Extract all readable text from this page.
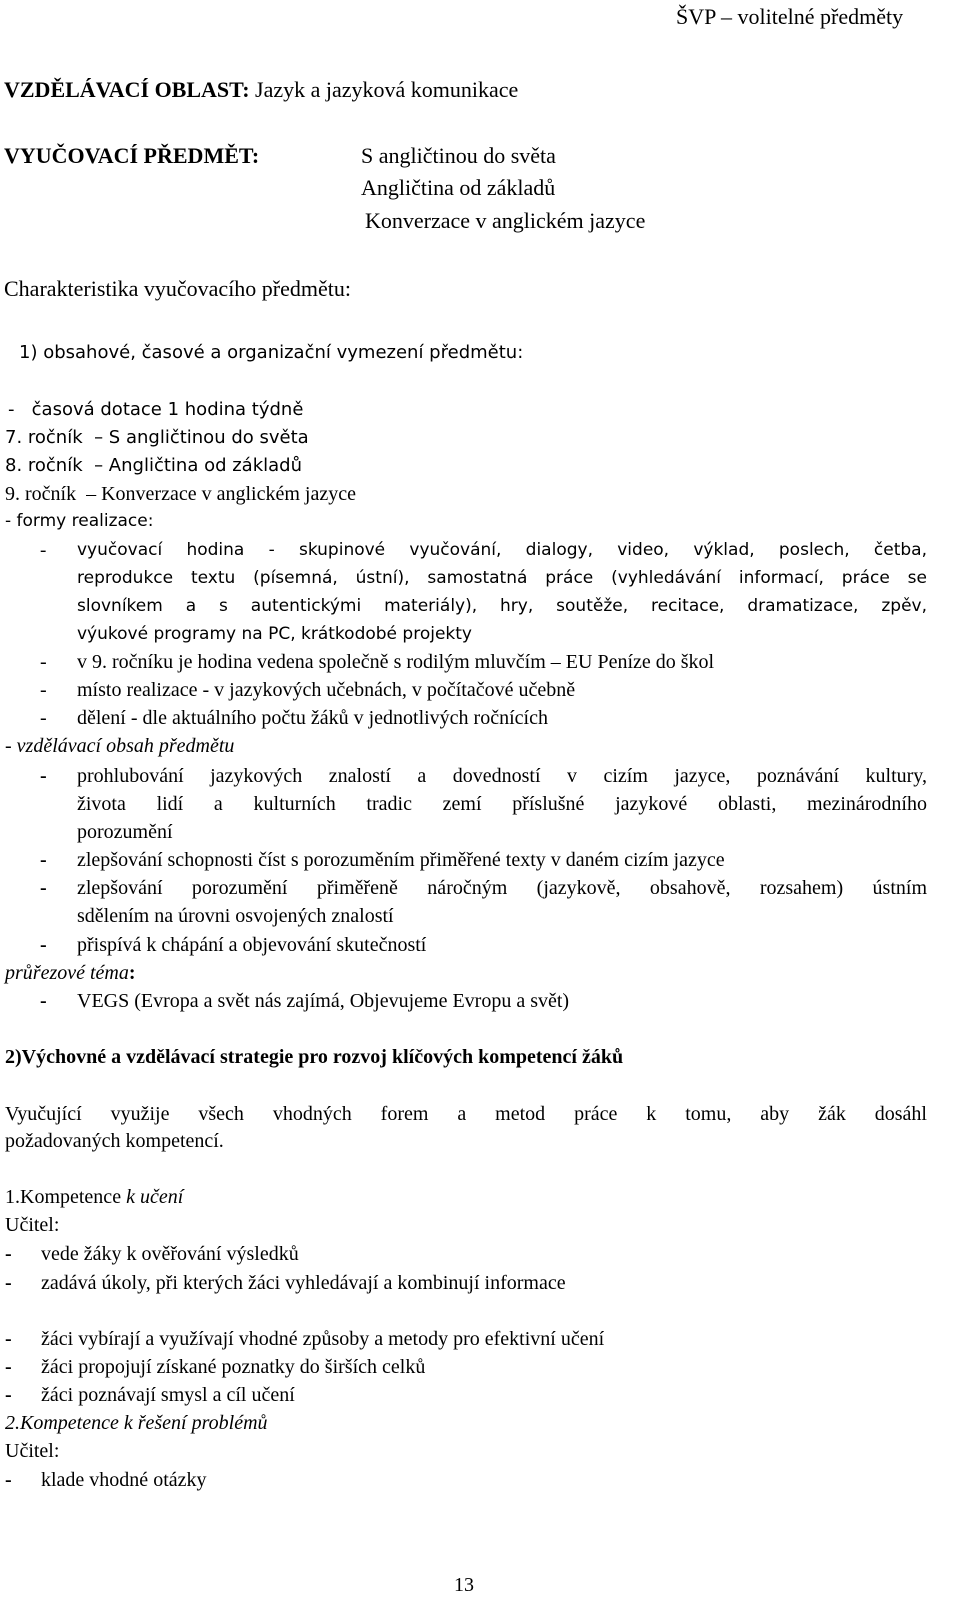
ŠVP – volitelné předměty
VZDĚLÁVACÍ OBLAST: Jazyk a jazyková komunikace
VYUČOVACÍ PŘEDMĚT:	S angličtinou do světa
Angličtina od základů
Konverzace v anglickém jazyce
Charakteristika vyučovacího předmětu:
1) obsahové, časové a organizační vymezení předmětu:
-   časová dotace 1 hodina týdně
7. ročník  – S angličtinou do světa
8. ročník  – Angličtina od základů
9. ročník  – Konverzace v anglickém jazyce
- formy realizace:
- vyučovací hodina - skupinové vyučování, dialogy, video, výklad, poslech, četba,
reprodukce textu (písemná, ústní), samostatná práce (vyhledávání informací, práce se
slovníkem a s autentickými materiály), hry, soutěže, recitace, dramatizace, zpěv,
výukové programy na PC, krátkodobé projekty
- v 9. ročníku je hodina vedena společně s rodilým mluvčím – EU Peníze do škol
- místo realizace - v jazykových učebnách, v počítačové učebně
- dělení - dle aktuálního počtu žáků v jednotlivých ročnících
- vzdělávací obsah předmětu
- prohlubování jazykových znalostí a dovedností v cizím jazyce, poznávání kultury,
života lidí a kulturních tradic zemí příslušné jazykové oblasti, mezinárodního
porozumění
- zlepšování schopnosti číst s porozuměním přiměřené texty v daném cizím jazyce
- zlepšování porozumění přiměřeně náročným (jazykově, obsahově, rozsahem) ústním
sdělením na úrovni osvojených znalostí
- přispívá k chápání a objevování skutečností
průřezové téma:
- VEGS (Evropa a svět nás zajímá, Objevujeme Evropu a svět)
2)Výchovné a vzdělávací strategie pro rozvoj klíčových kompetencí žáků
Vyučující využije všech vhodných forem a metod práce k tomu, aby žák dosáhl
požadovaných kompetencí.
1.Kompetence k učení
Učitel:
- vede žáky k ověřování výsledků
- zadává úkoly, při kterých žáci vyhledávají a kombinují informace
- žáci vybírají a využívají vhodné způsoby a metody pro efektivní učení
- žáci propojují získané poznatky do širších celků
- žáci poznávají smysl a cíl učení
2.Kompetence k řešení problémů
Učitel:
- klade vhodné otázky
13
